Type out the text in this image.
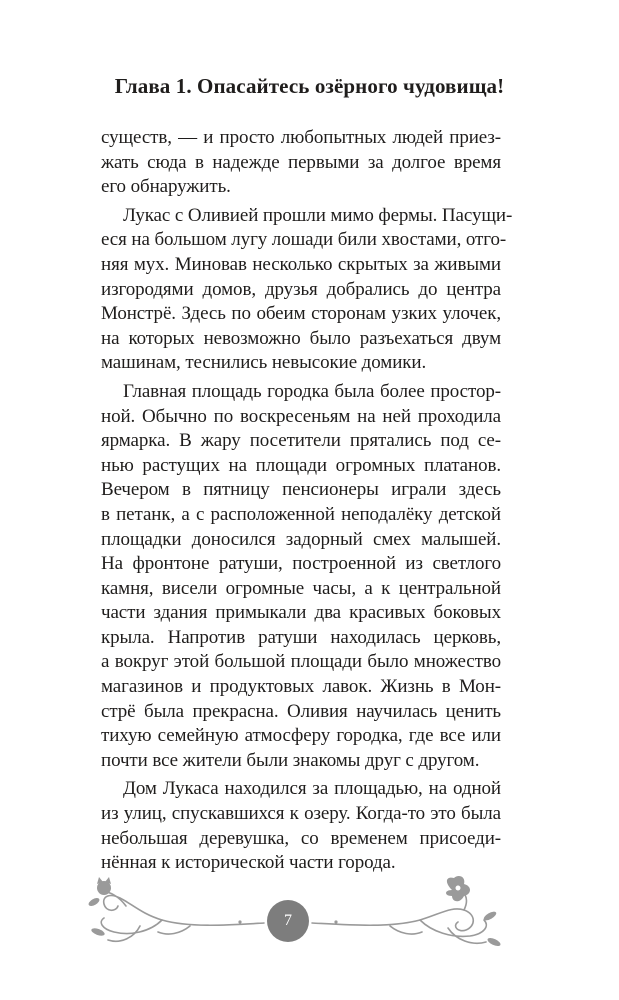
Глава 1. Опасайтесь озёрного чудовища!
существ, — и просто любопытных людей приез-
жать сюда в надежде первыми за долгое время
его обнаружить.
Лукас с Оливией прошли мимо фермы. Пасущи-
еся на большом лугу лошади били хвостами, отго-
няя мух. Миновав несколько скрытых за живыми
изгородями домов, друзья добрались до центра
Монстрё. Здесь по обеим сторонам узких улочек,
на которых невозможно было разъехаться двум
машинам, теснились невысокие домики.
Главная площадь городка была более простор-
ной. Обычно по воскресеньям на ней проходила
ярмарка. В жару посетители прятались под се-
нью растущих на площади огромных платанов.
Вечером в пятницу пенсионеры играли здесь
в петанк, а с расположенной неподалёку детской
площадки доносился задорный смех малышей.
На фронтоне ратуши, построенной из светлого
камня, висели огромные часы, а к центральной
части здания примыкали два красивых боковых
крыла. Напротив ратуши находилась церковь,
а вокруг этой большой площади было множество
магазинов и продуктовых лавок. Жизнь в Мон-
стрё была прекрасна. Оливия научилась ценить
тихую семейную атмосферу городка, где все или
почти все жители были знакомы друг с другом.
Дом Лукаса находился за площадью, на одной
из улиц, спускавшихся к озеру. Когда-то это была
небольшая деревушка, со временем присоеди-
нённая к исторической части города.
7
